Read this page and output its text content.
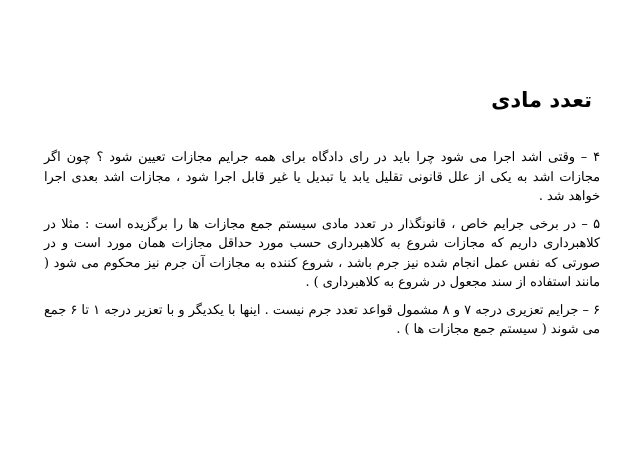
تعدد مادی

۴ – وقتی اشد اجرا می شود چرا باید در رای دادگاه برای همه جرایم مجازات تعیین شود ؟ چون اگر مجازات اشد به یکی از علل قانونی تقلیل یابد یا تبدیل یا غیر قابل اجرا شود ، مجازات اشد بعدی اجرا خواهد شد .

۵ – در برخی جرایم خاص ، قانونگذار در تعدد مادی سیستم جمع مجازات ها را برگزیده است : مثلا در کلاهبرداری داریم که مجازات شروع به کلاهبرداری حسب مورد حداقل مجازات همان مورد است و در صورتی که نفس عمل انجام شده نیز جرم باشد ، شروع کننده به مجازات آن جرم نیز محکوم می شود ( مانند استفاده از سند مجعول در شروع به کلاهبرداری ) .

۶ – جرایم تعزیری درجه ۷ و ۸ مشمول قواعد تعدد جرم نیست . اینها با یکدیگر و با تعزیر درجه ۱ تا ۶ جمع می شوند ( سیستم جمع مجازات ها ) .
